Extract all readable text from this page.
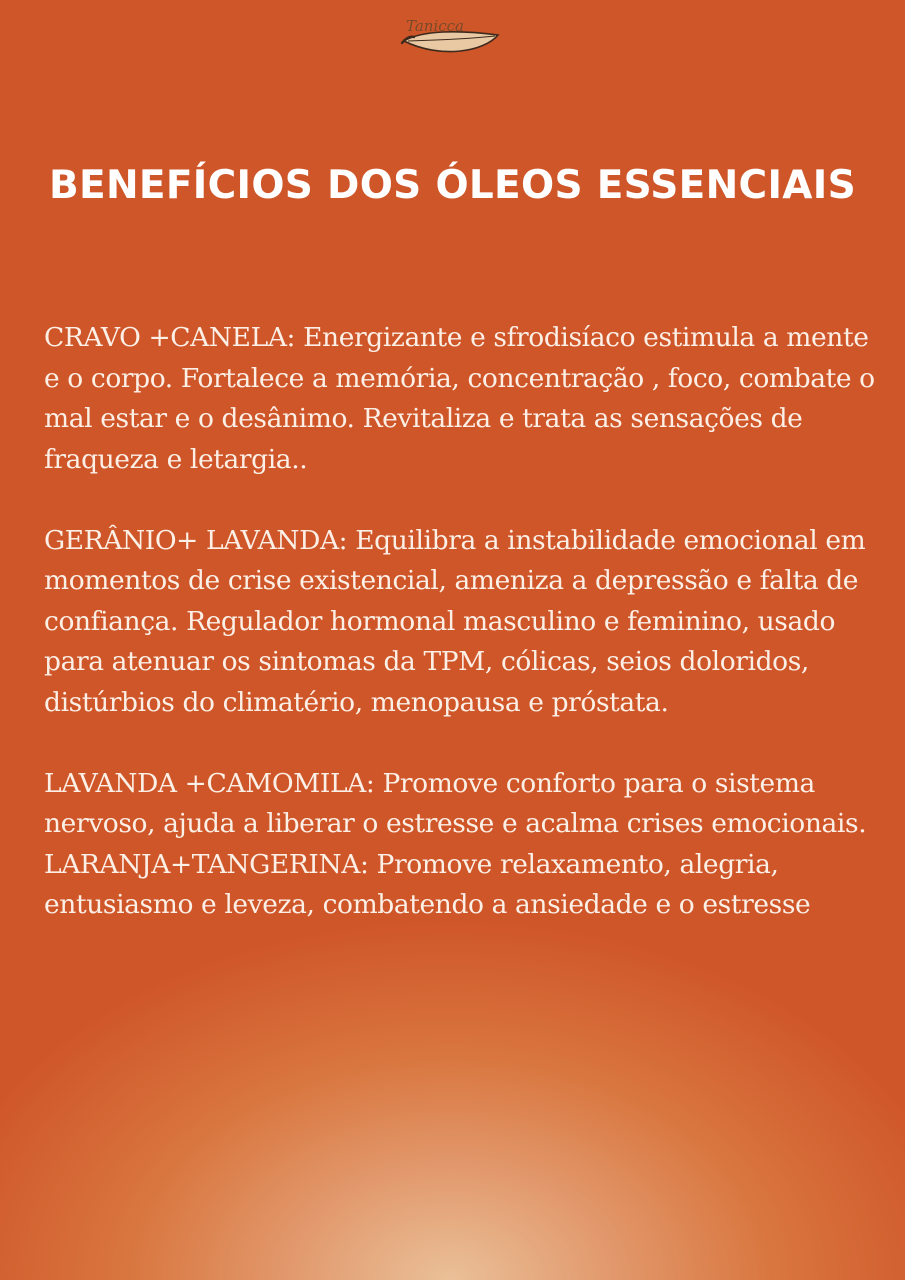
Tanicca
BENEFÍCIOS DOS ÓLEOS ESSENCIAIS

CRAVO +CANELA: Energizante e sfrodisíaco estimula a mente e o corpo. Fortalece a memória, concentração , foco, combate o mal estar e o desânimo. Revitaliza e trata as sensações de fraqueza e letargia..

GERÂNIO+ LAVANDA: Equilibra a instabilidade emocional em momentos de crise existencial, ameniza a depressão e falta de confiança. Regulador hormonal masculino e feminino, usado para atenuar os sintomas da TPM, cólicas, seios doloridos, distúrbios do climatério, menopausa e próstata.

LAVANDA +CAMOMILA: Promove conforto para o sistema nervoso, ajuda a liberar o estresse e acalma crises emocionais.

LARANJA+TANGERINA: Promove relaxamento, alegria, entusiasmo e leveza, combatendo a ansiedade e o estresse
